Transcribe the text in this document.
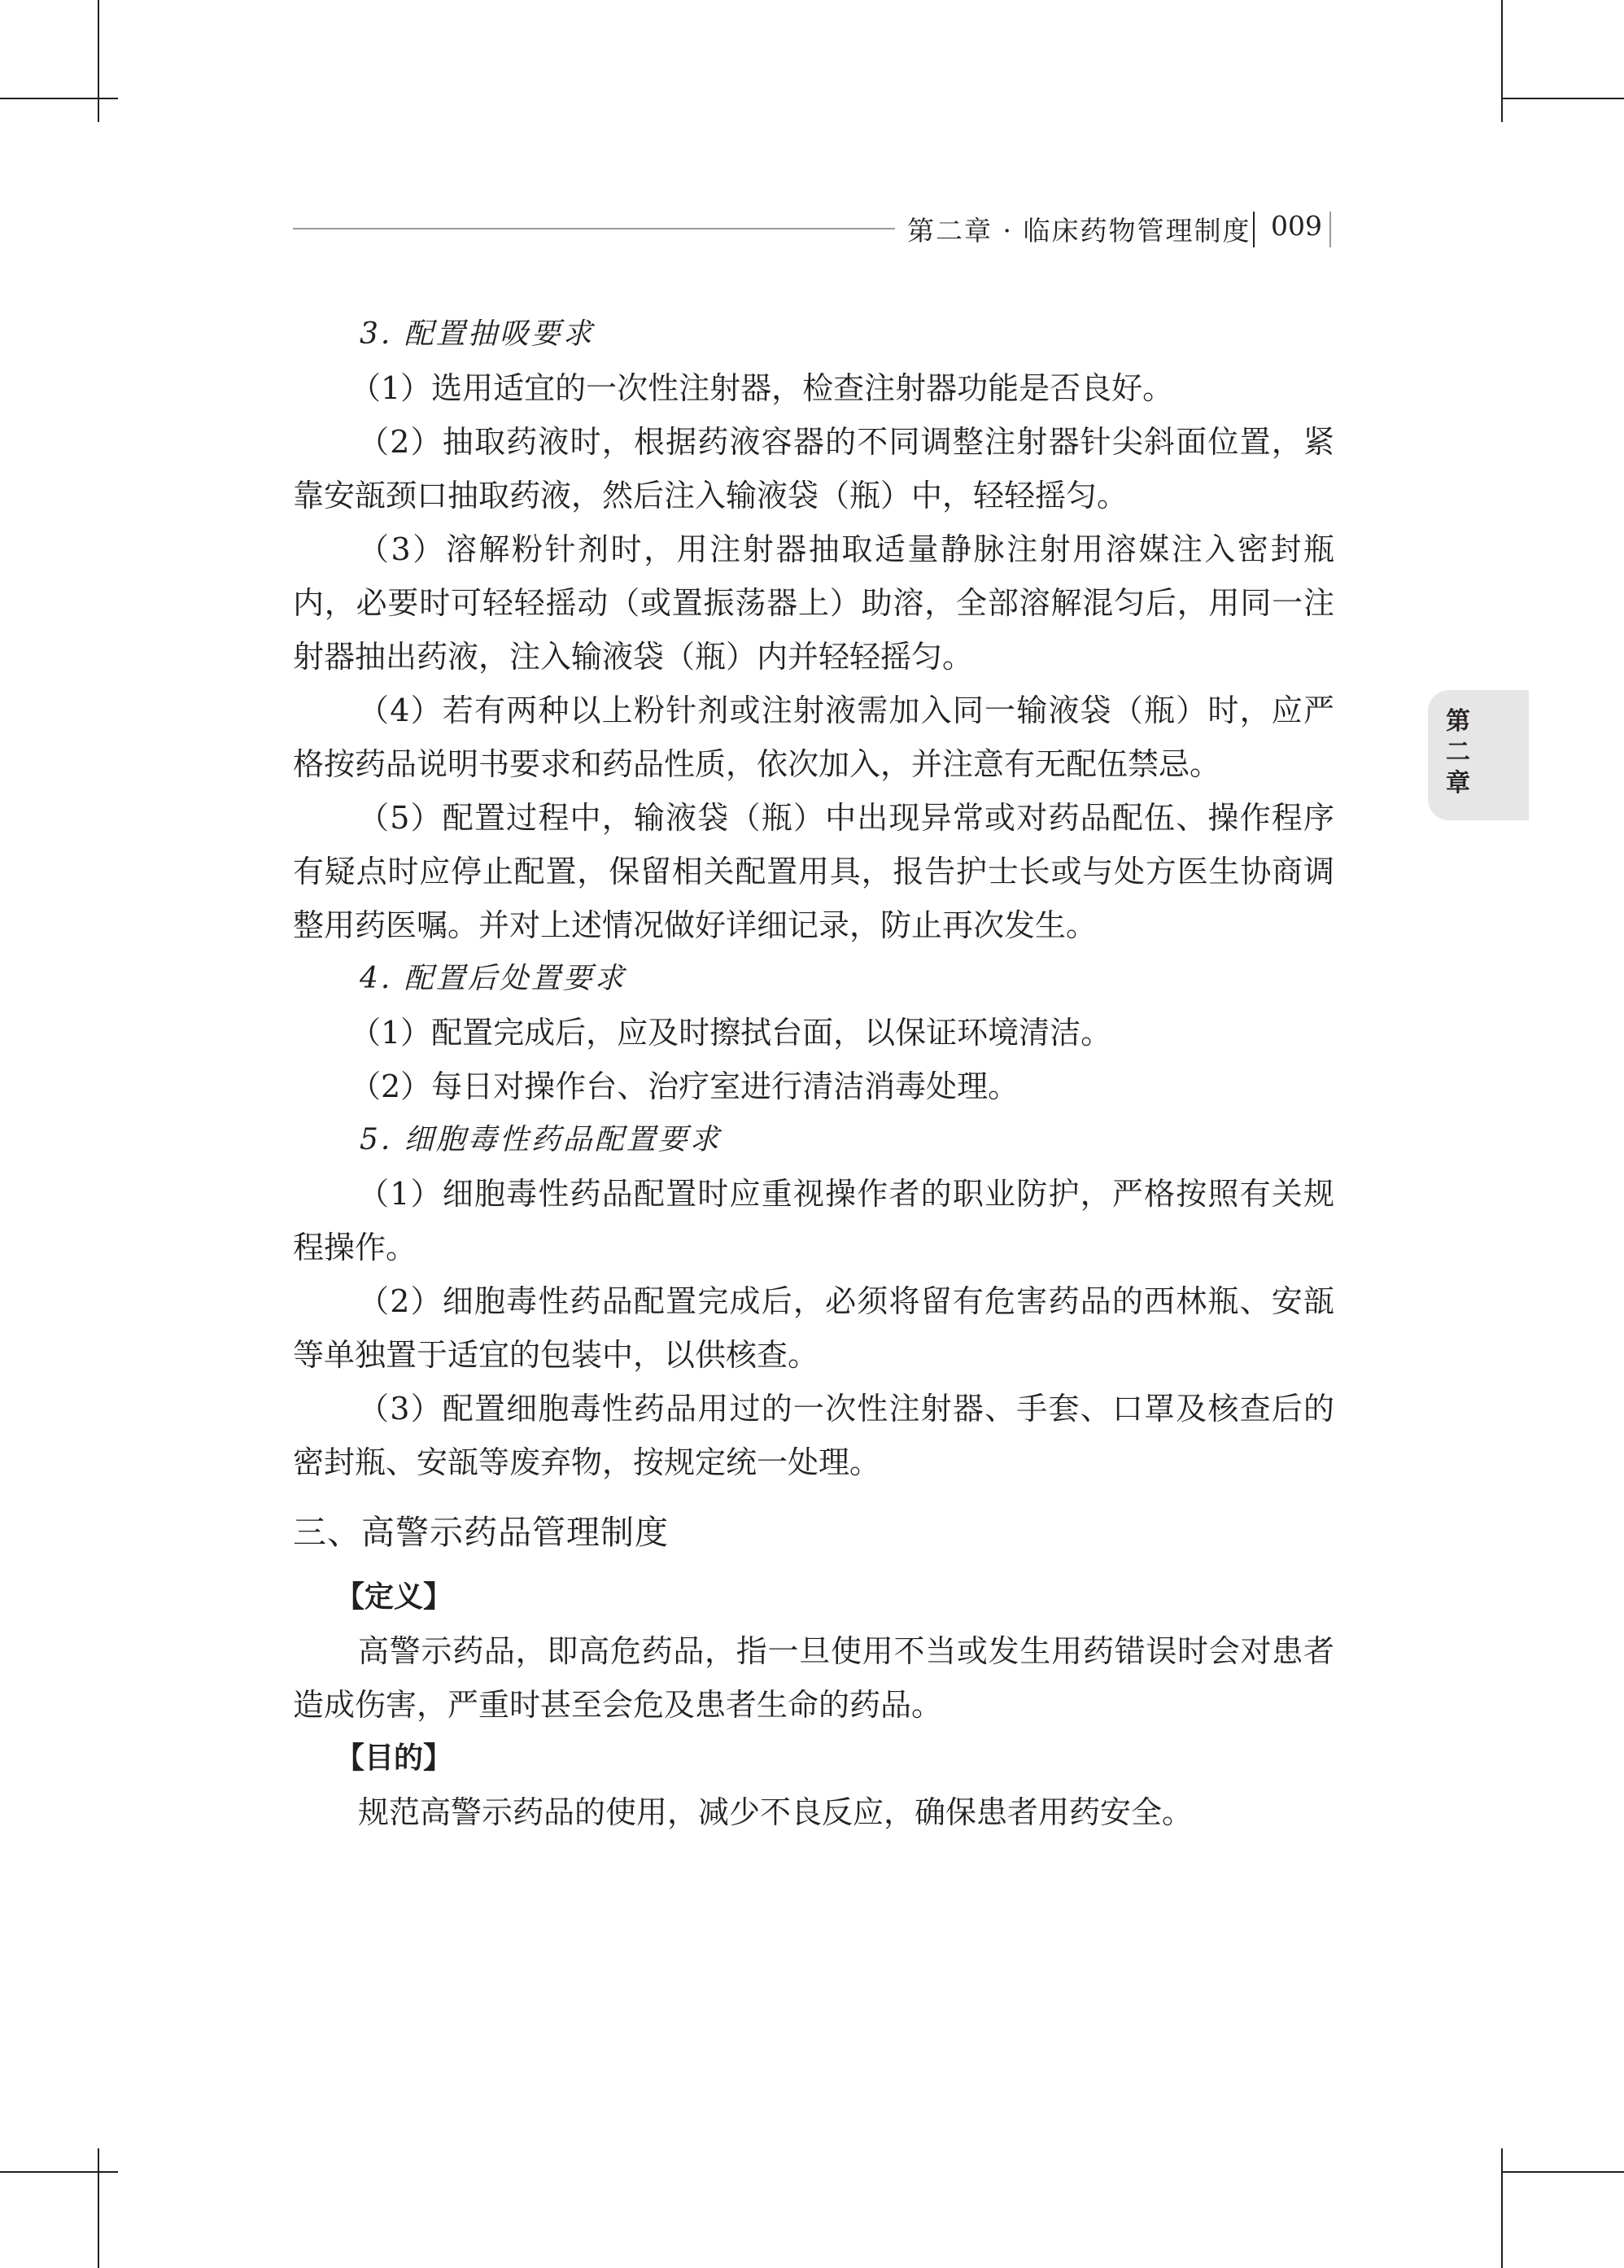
第二章 · 临床药物管理制度 009
第二章

3. 配置抽吸要求

（1）选用适宜的一次性注射器，检查注射器功能是否良好。

（2）抽取药液时，根据药液容器的不同调整注射器针尖斜面位置，紧靠安瓿颈口抽取药液，然后注入输液袋（瓶）中，轻轻摇匀。

（3）溶解粉针剂时，用注射器抽取适量静脉注射用溶媒注入密封瓶内，必要时可轻轻摇动（或置振荡器上）助溶，全部溶解混匀后，用同一注射器抽出药液，注入输液袋（瓶）内并轻轻摇匀。

（4）若有两种以上粉针剂或注射液需加入同一输液袋（瓶）时，应严格按药品说明书要求和药品性质，依次加入，并注意有无配伍禁忌。

（5）配置过程中，输液袋（瓶）中出现异常或对药品配伍、操作程序有疑点时应停止配置，保留相关配置用具，报告护士长或与处方医生协商调整用药医嘱。并对上述情况做好详细记录，防止再次发生。

4. 配置后处置要求

（1）配置完成后，应及时擦拭台面，以保证环境清洁。

（2）每日对操作台、治疗室进行清洁消毒处理。

5. 细胞毒性药品配置要求

（1）细胞毒性药品配置时应重视操作者的职业防护，严格按照有关规程操作。

（2）细胞毒性药品配置完成后，必须将留有危害药品的西林瓶、安瓿等单独置于适宜的包装中，以供核查。

（3）配置细胞毒性药品用过的一次性注射器、手套、口罩及核查后的密封瓶、安瓿等废弃物，按规定统一处理。

三、高警示药品管理制度
【定义】

高警示药品，即高危药品，指一旦使用不当或发生用药错误时会对患者造成伤害，严重时甚至会危及患者生命的药品。

【目的】

规范高警示药品的使用，减少不良反应，确保患者用药安全。
